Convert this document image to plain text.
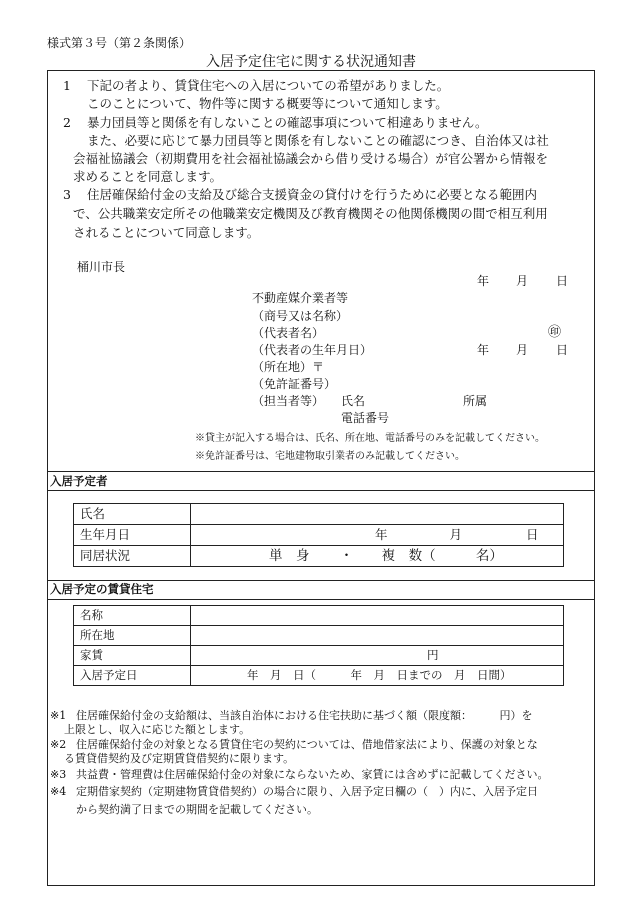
様式第３号（第２条関係）
入居予定住宅に関する状況通知書
1 下記の者より、賃貸住宅への入居についての希望がありました。
このことについて、物件等に関する概要等について通知します。
2 暴力団員等と関係を有しないことの確認事項について相違ありません。
また、必要に応じて暴力団員等と関係を有しないことの確認につき、自治体又は社
会福祉協議会（初期費用を社会福祉協議会から借り受ける場合）が官公署から情報を
求めることを同意します。
3 住居確保給付金の支給及び総合支援資金の貸付けを行うために必要となる範囲内
で、公共職業安定所その他職業安定機関及び教育機関その他関係機関の間で相互利用
されることについて同意します。
桶川市長
年 月 日
不動産媒介業者等
（商号又は名称）
（代表者名）	㊞
（代表者の生年月日）	年 月 日
（所在地）〒
（免許証番号）
（担当者等） 氏名	所属
電話番号
※貸主が記入する場合は、氏名、所在地、電話番号のみを記載してください。
※免許証番号は、宅地建物取引業者のみ記載してください。
入居予定者
氏名	
生年月日	年 月 日
同居状況	単　身 ・ 複　数（ 名）
入居予定の賃貸住宅
名称	
所在地	
家賃	円
入居予定日	年　月　日（　　　年　月　日までの　月　日間）
※1 住居確保給付金の支給額は、当該自治体における住宅扶助に基づく額（限度額：　　　円）を
上限とし、収入に応じた額とします。
※2 住居確保給付金の対象となる賃貸住宅の契約については、借地借家法により、保護の対象とな
る賃貸借契約及び定期賃貸借契約に限ります。
※3 共益費・管理費は住居確保給付金の対象にならないため、家賃には含めずに記載してください。
※4 定期借家契約（定期建物賃貸借契約）の場合に限り、入居予定日欄の（　）内に、入居予定日
から契約満了日までの期間を記載してください。
